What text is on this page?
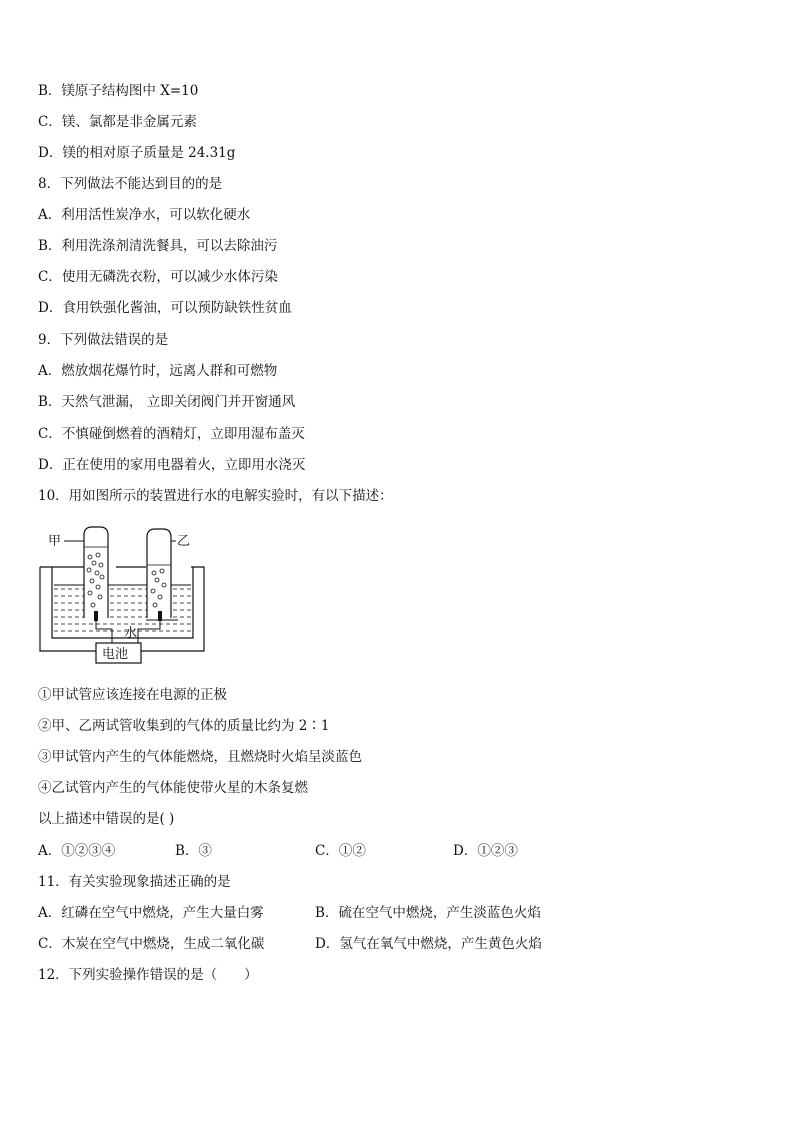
B．镁原子结构图中 X=10
C．镁、氯都是非金属元素
D．镁的相对原子质量是 24.31g
8．下列做法不能达到目的的是
A．利用活性炭净水，可以软化硬水
B．利用洗涤剂清洗餐具，可以去除油污
C．使用无磷洗衣粉，可以减少水体污染
D．食用铁强化酱油，可以预防缺铁性贫血
9．下列做法错误的是
A．燃放烟花爆竹时，远离人群和可燃物
B．天然气泄漏， 立即关闭阀门并开窗通风
C．不慎碰倒燃着的酒精灯，立即用湿布盖灭
D．正在使用的家用电器着火，立即用水浇灭
10．用如图所示的装置进行水的电解实验时，有以下描述：
甲	乙
水
电池
①甲试管应该连接在电源的正极
②甲、乙两试管收集到的气体的质量比约为 2∶1
③甲试管内产生的气体能燃烧，且燃烧时火焰呈淡蓝色
④乙试管内产生的气体能使带火星的木条复燃
以上描述中错误的是( )
A．①②③④	B．③	C．①②	D．①②③
11．有关实验现象描述正确的是
A．红磷在空气中燃烧，产生大量白雾	B．硫在空气中燃烧，产生淡蓝色火焰
C．木炭在空气中燃烧，生成二氧化碳	D．氢气在氧气中燃烧，产生黄色火焰
12．下列实验操作错误的是（　　）
